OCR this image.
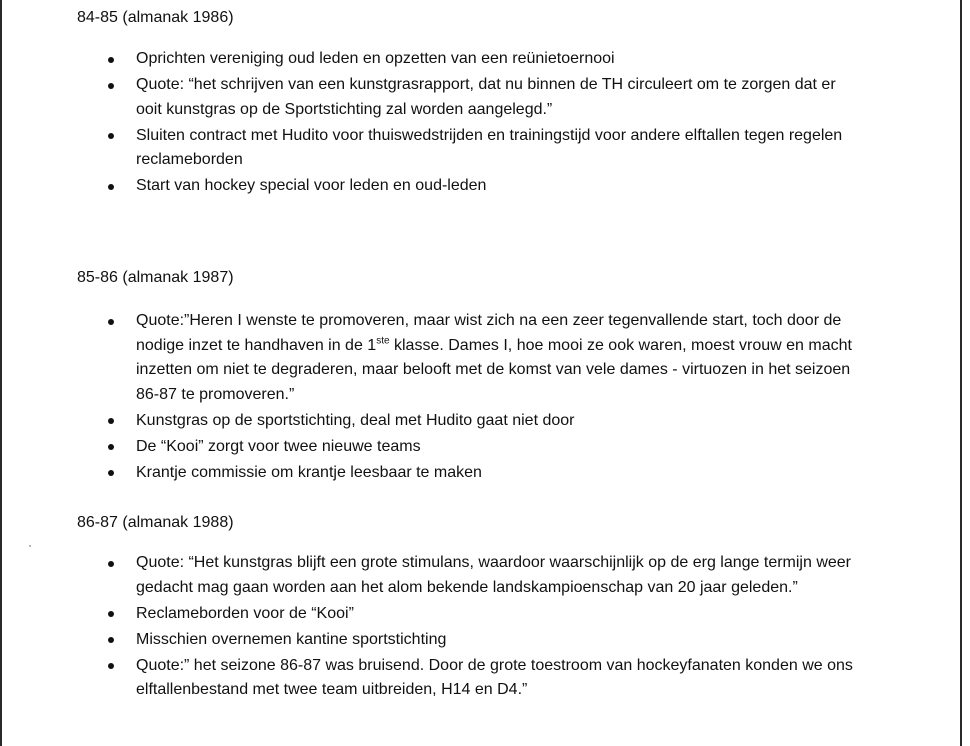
84-85 (almanak 1986)
Oprichten vereniging oud leden en opzetten van een reünietoernooi
Quote: “het schrijven van een kunstgrasrapport, dat nu binnen de TH circuleert om te zorgen dat er ooit kunstgras op de Sportstichting zal worden aangelegd.”
Sluiten contract met Hudito voor thuiswedstrijden en trainingstijd voor andere elftallen tegen regelen reclameborden
Start van hockey special voor leden en oud-leden
85-86 (almanak 1987)
Quote:”Heren I wenste te promoveren, maar wist zich na een zeer tegenvallende start, toch door de nodige inzet te handhaven in de 1ste klasse. Dames I, hoe mooi ze ook waren, moest vrouw en macht inzetten om niet te degraderen, maar belooft met de komst van vele dames - virtuozen in het seizoen 86-87 te promoveren.”
Kunstgras op de sportstichting, deal met Hudito gaat niet door
De “Kooi” zorgt voor twee nieuwe teams
Krantje commissie om krantje leesbaar te maken
86-87 (almanak 1988)
Quote: “Het kunstgras blijft een grote stimulans, waardoor waarschijnlijk op de erg lange termijn weer gedacht mag gaan worden aan het alom bekende landskampioenschap van 20 jaar geleden.”
Reclameborden voor de “Kooi”
Misschien overnemen kantine sportstichting
Quote:” het seizone 86-87 was bruisend. Door de grote toestroom van hockeyfanaten konden we ons elftallenbestand met twee team uitbreiden, H14 en D4.”
